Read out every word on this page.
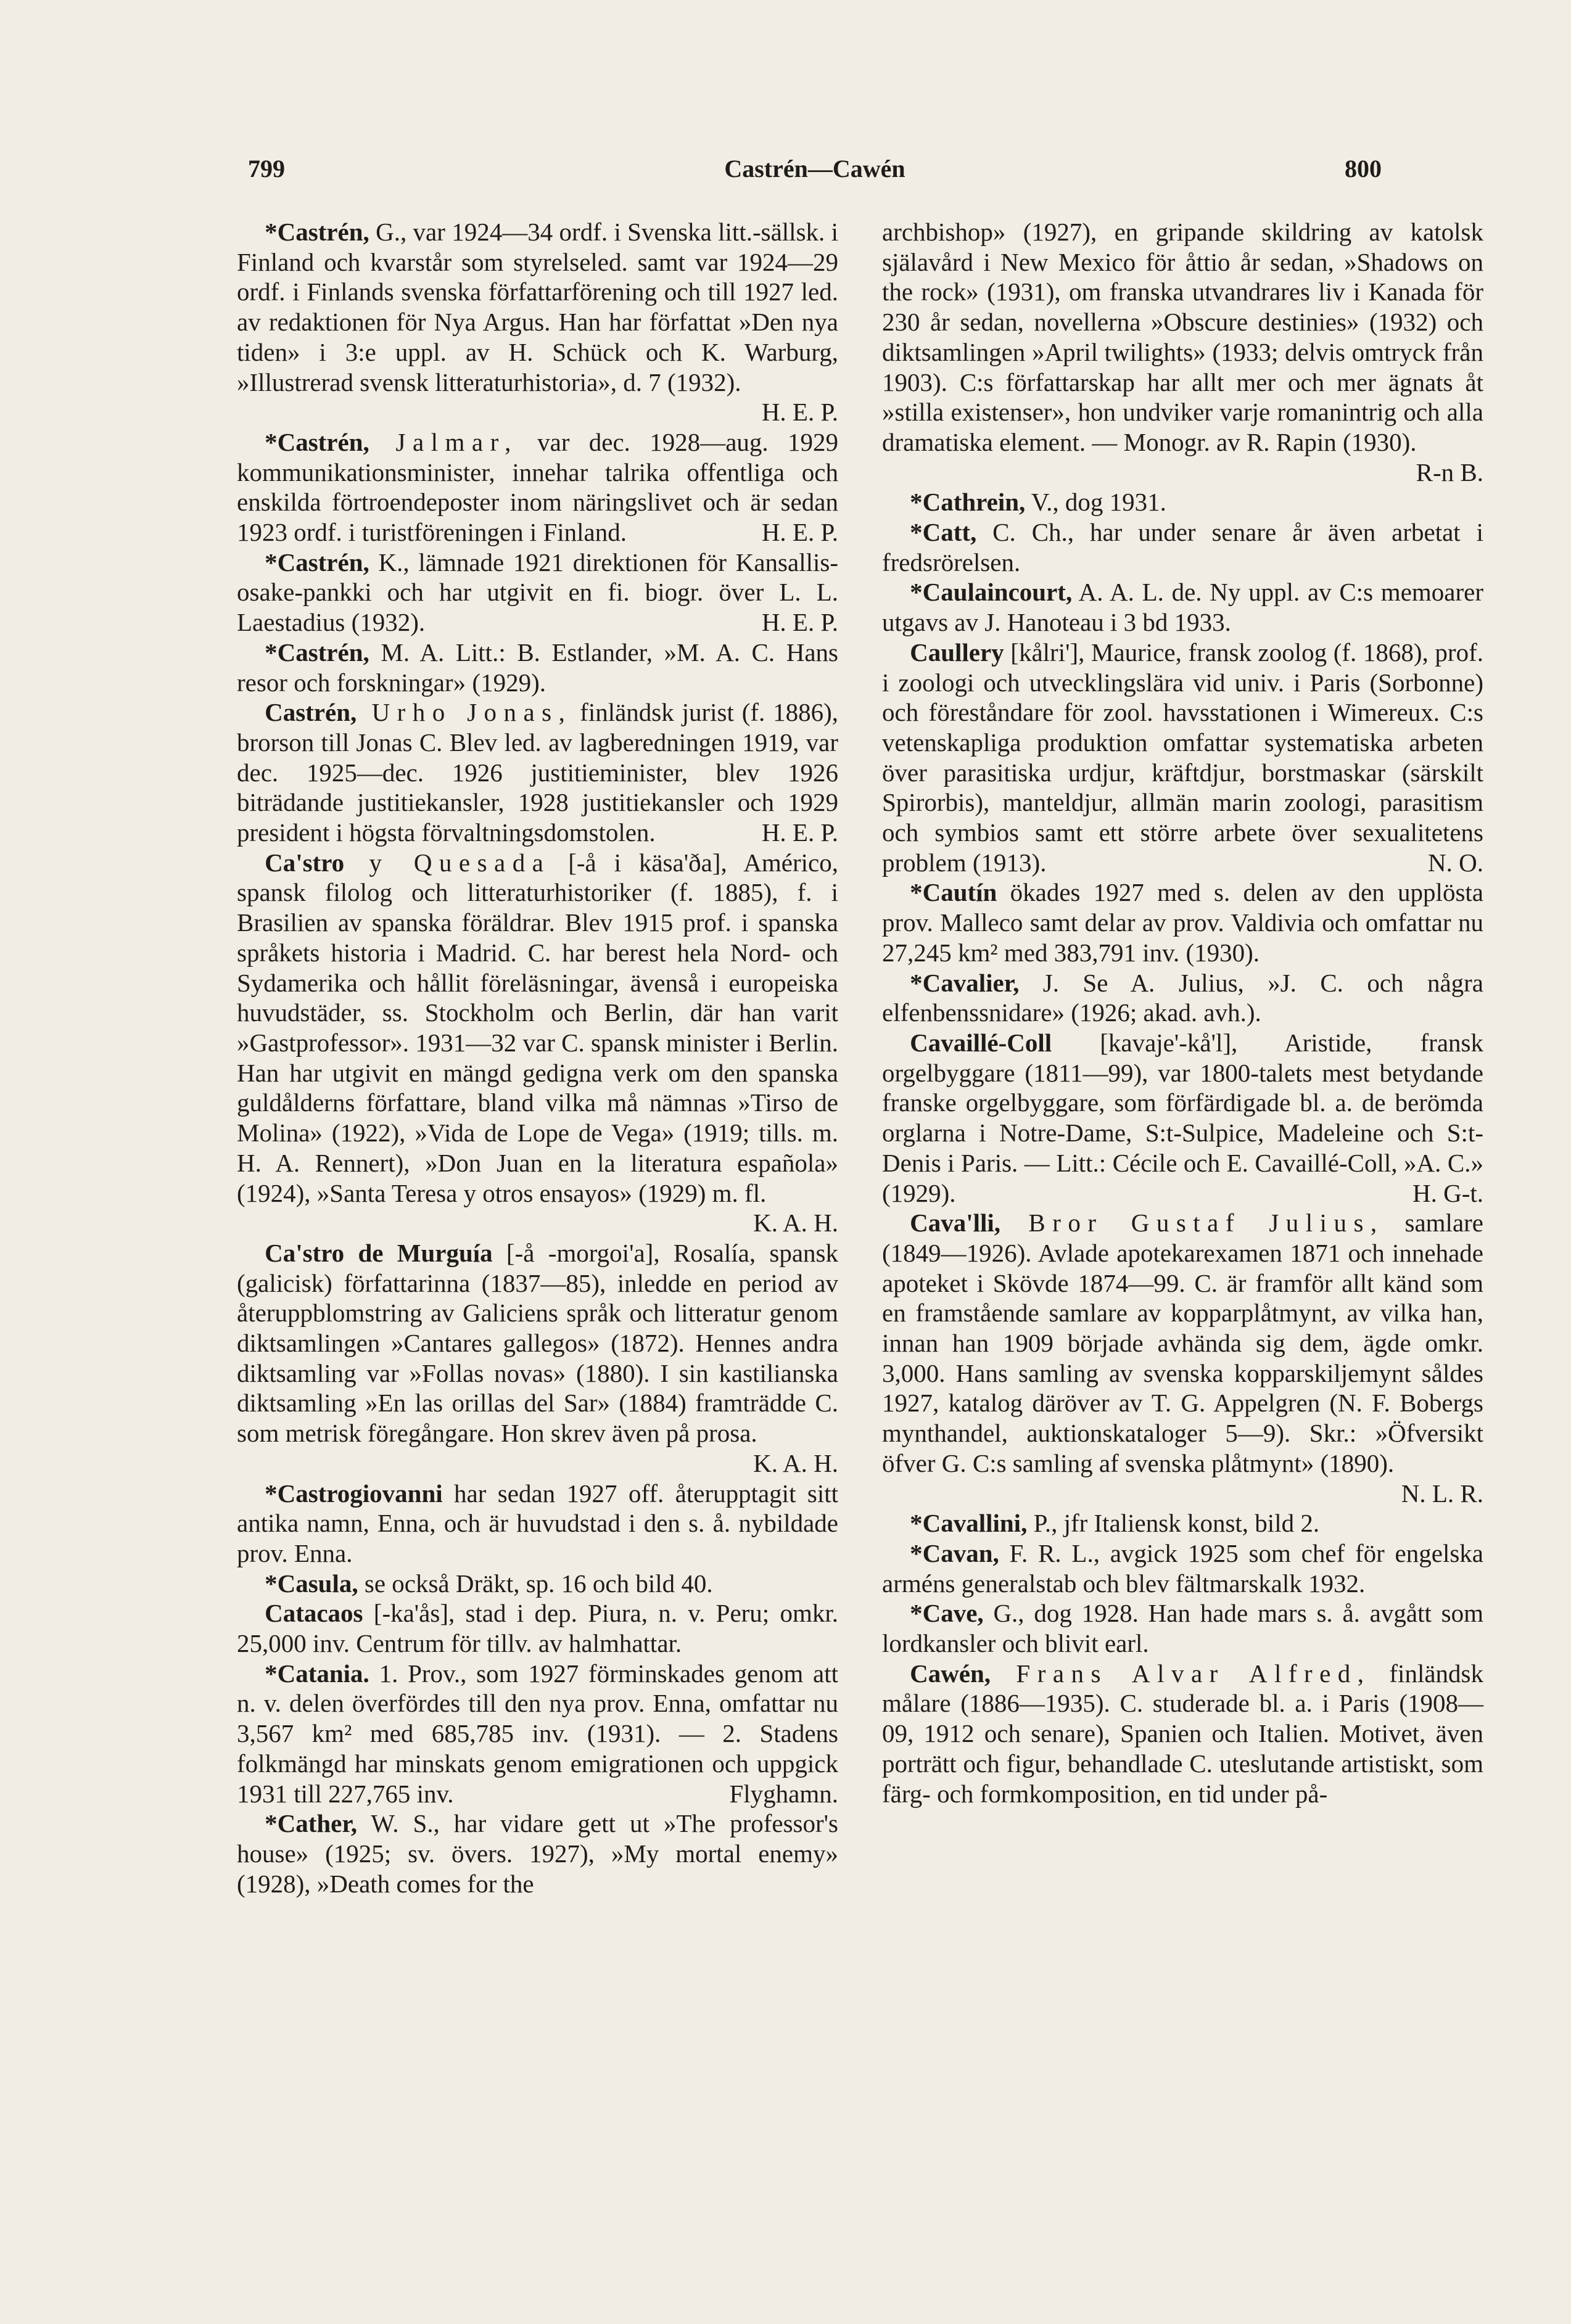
799	Castrén—Cawén	800

*Castrén, G., var 1924—34 ordf. i Svenska litt.-sällsk. i Finland och kvarstår som styrelseled. samt var 1924—29 ordf. i Finlands svenska författarförening och till 1927 led. av redaktionen för Nya Argus. Han har författat »Den nya tiden» i 3:e uppl. av H. Schück och K. Warburg, »Illustrerad svensk litteraturhistoria», d. 7 (1932).
H. E. P.

*Castrén, Jalmar, var dec. 1928—aug. 1929 kommunikationsminister, innehar talrika offentliga och enskilda förtroendeposter inom näringslivet och är sedan 1923 ordf. i turistföreningen i Finland.	H. E. P.

*Castrén, K., lämnade 1921 direktionen för Kansallis-osake-pankki och har utgivit en fi. biogr. över L. L. Laestadius (1932).	H. E. P.

*Castrén, M. A. Litt.: B. Estlander, »M. A. C. Hans resor och forskningar» (1929).

Castrén, Urho Jonas, finländsk jurist (f. 1886), brorson till Jonas C. Blev led. av lagberedningen 1919, var dec. 1925—dec. 1926 justitieminister, blev 1926 biträdande justitiekansler, 1928 justitiekansler och 1929 president i högsta förvaltningsdomstolen.	H. E. P.

Ca'stro y Quesada [-å i käsa'ða], Américo, spansk filolog och litteraturhistoriker (f. 1885), f. i Brasilien av spanska föräldrar. Blev 1915 prof. i spanska språkets historia i Madrid. C. har berest hela Nord- och Sydamerika och hållit föreläsningar, ävenså i europeiska huvudstäder, ss. Stockholm och Berlin, där han varit »Gastprofessor». 1931—32 var C. spansk minister i Berlin. Han har utgivit en mängd gedigna verk om den spanska guldålderns författare, bland vilka må nämnas »Tirso de Molina» (1922), »Vida de Lope de Vega» (1919; tills. m. H. A. Rennert), »Don Juan en la literatura española» (1924), »Santa Teresa y otros ensayos» (1929) m. fl.
K. A. H.

Ca'stro de Murguía [-å -morgoi'a], Rosalía, spansk (galicisk) författarinna (1837—85), inledde en period av återuppblomstring av Galiciens språk och litteratur genom diktsamlingen »Cantares gallegos» (1872). Hennes andra diktsamling var »Follas novas» (1880). I sin kastilianska diktsamling »En las orillas del Sar» (1884) framträdde C. som metrisk föregångare. Hon skrev även på prosa.
K. A. H.

*Castrogiovanni har sedan 1927 off. återupptagit sitt antika namn, Enna, och är huvudstad i den s. å. nybildade prov. Enna.

*Casula, se också Dräkt, sp. 16 och bild 40.

Catacaos [-ka'ås], stad i dep. Piura, n. v. Peru; omkr. 25,000 inv. Centrum för tillv. av halmhattar.

*Catania. 1. Prov., som 1927 förminskades genom att n. v. delen överfördes till den nya prov. Enna, omfattar nu 3,567 km² med 685,785 inv. (1931). — 2. Stadens folkmängd har minskats genom emigrationen och uppgick 1931 till 227,765 inv.	Flyghamn.

*Cather, W. S., har vidare gett ut »The professor's house» (1925; sv. övers. 1927), »My mortal enemy» (1928), »Death comes for the

archbishop» (1927), en gripande skildring av katolsk själavård i New Mexico för åttio år sedan, »Shadows on the rock» (1931), om franska utvandrares liv i Kanada för 230 år sedan, novellerna »Obscure destinies» (1932) och diktsamlingen »April twilights» (1933; delvis omtryck från 1903). C:s författarskap har allt mer och mer ägnats åt »stilla existenser», hon undviker varje romanintrig och alla dramatiska element. — Monogr. av R. Rapin (1930).
R-n B.

*Cathrein, V., dog 1931.

*Catt, C. Ch., har under senare år även arbetat i fredsrörelsen.

*Caulaincourt, A. A. L. de. Ny uppl. av C:s memoarer utgavs av J. Hanoteau i 3 bd 1933.

Caullery [kålri'], Maurice, fransk zoolog (f. 1868), prof. i zoologi och utvecklingslära vid univ. i Paris (Sorbonne) och föreståndare för zool. havsstationen i Wimereux. C:s vetenskapliga produktion omfattar systematiska arbeten över parasitiska urdjur, kräftdjur, borstmaskar (särskilt Spirorbis), manteldjur, allmän marin zoologi, parasitism och symbios samt ett större arbete över sexualitetens problem (1913).	N. O.

*Cautín ökades 1927 med s. delen av den upplösta prov. Malleco samt delar av prov. Valdivia och omfattar nu 27,245 km² med 383,791 inv. (1930).

*Cavalier, J. Se A. Julius, »J. C. och några elfenbenssnidare» (1926; akad. avh.).

Cavaillé-Coll [kavaje'-kå'l], Aristide, fransk orgelbyggare (1811—99), var 1800-talets mest betydande franske orgelbyggare, som förfärdigade bl. a. de berömda orglarna i Notre-Dame, S:t-Sulpice, Madeleine och S:t-Denis i Paris. — Litt.: Cécile och E. Cavaillé-Coll, »A. C.» (1929).	H. G-t.

Cava'lli, Bror Gustaf Julius, samlare (1849—1926). Avlade apotekarexamen 1871 och innehade apoteket i Skövde 1874—99. C. är framför allt känd som en framstående samlare av kopparplåtmynt, av vilka han, innan han 1909 började avhända sig dem, ägde omkr. 3,000. Hans samling av svenska kopparskiljemynt såldes 1927, katalog däröver av T. G. Appelgren (N. F. Bobergs mynthandel, auktionskataloger 5—9). Skr.: »Öfversikt öfver G. C:s samling af svenska plåtmynt» (1890).
N. L. R.

*Cavallini, P., jfr Italiensk konst, bild 2.

*Cavan, F. R. L., avgick 1925 som chef för engelska arméns generalstab och blev fältmarskalk 1932.

*Cave, G., dog 1928. Han hade mars s. å. avgått som lordkansler och blivit earl.

Cawén, Frans Alvar Alfred, finländsk målare (1886—1935). C. studerade bl. a. i Paris (1908—09, 1912 och senare), Spanien och Italien. Motivet, även porträtt och figur, behandlade C. uteslutande artistiskt, som färg- och formkomposition, en tid under på-
